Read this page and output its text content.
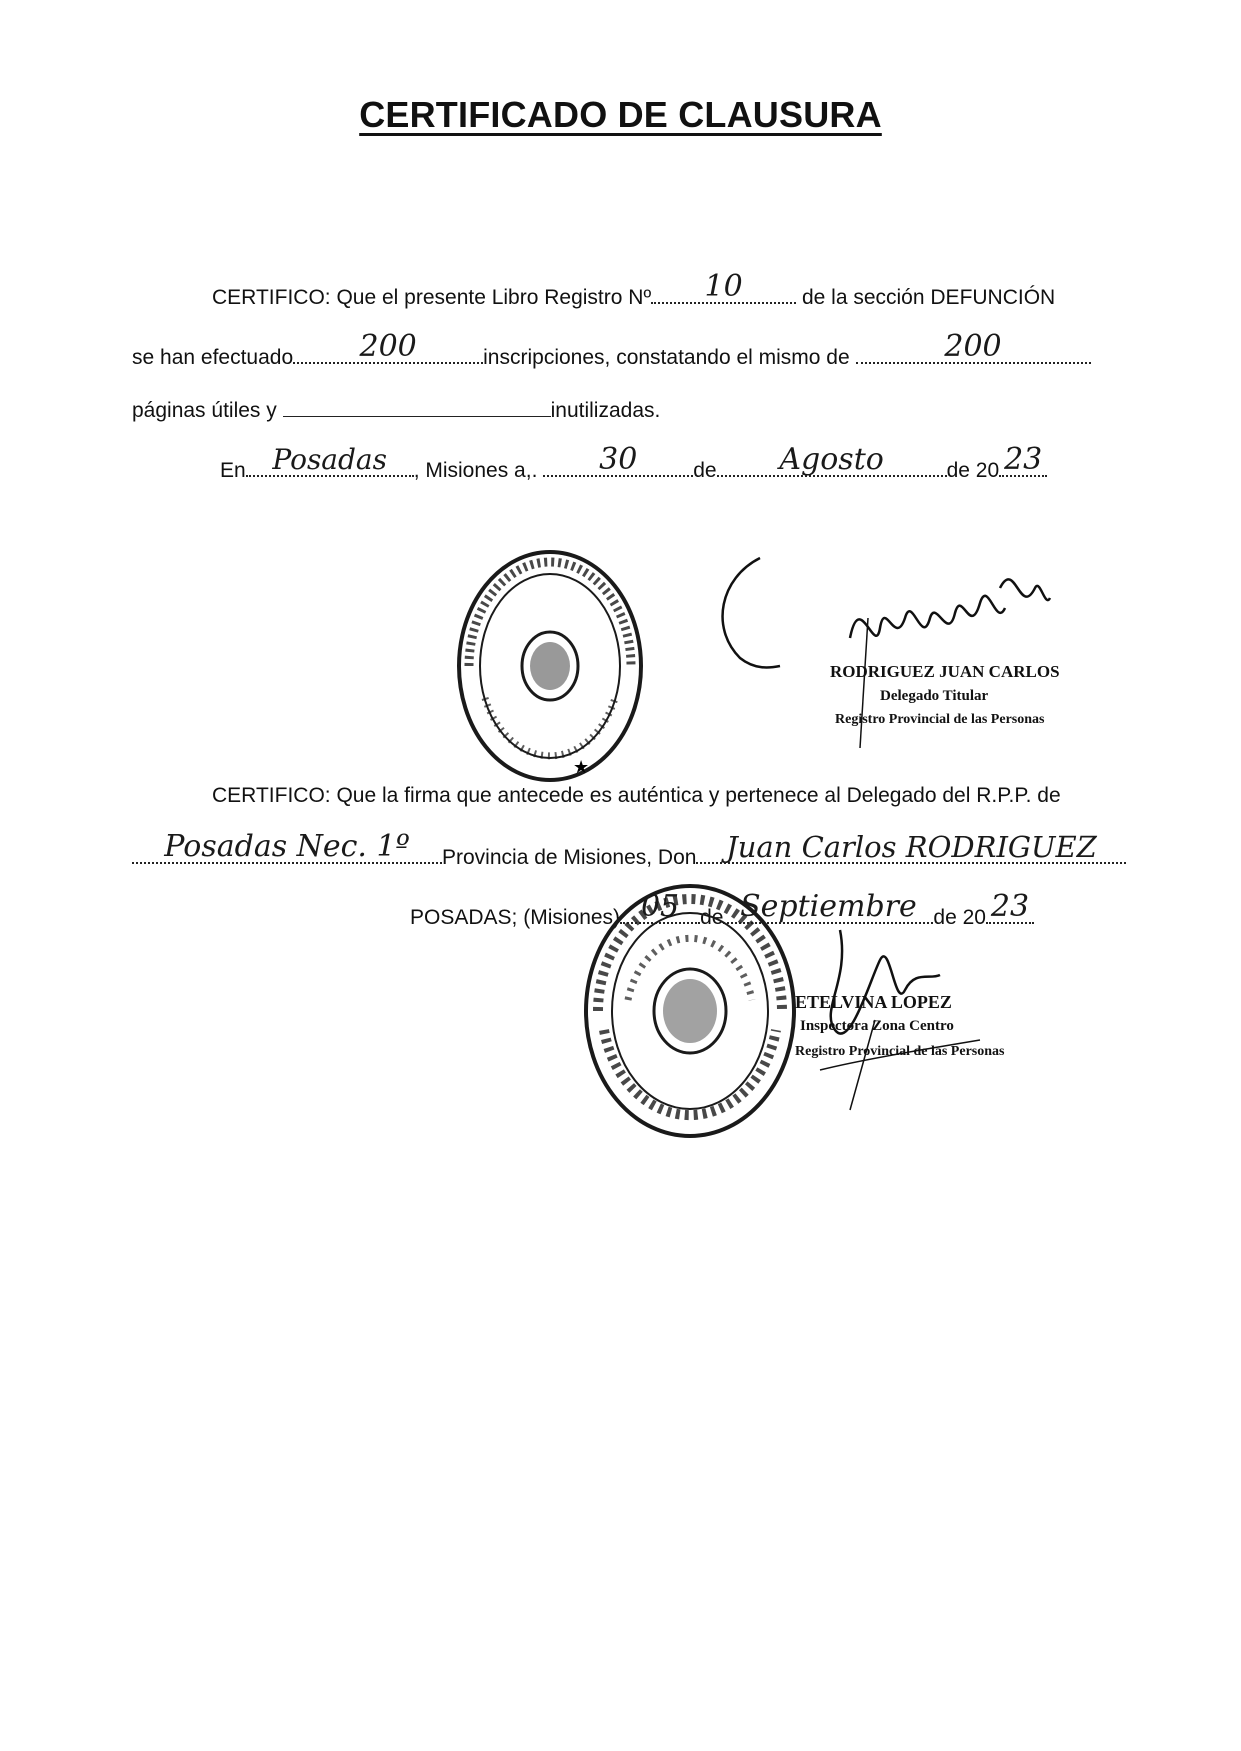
CERTIFICADO DE CLAUSURA
CERTIFICO: Que el presente Libro Registro Nº	10	de la sección DEFUNCIÓN
se han efectuado	200	inscripciones, constatando el mismo de	200
páginas útiles y	inutilizadas.
En Posadas	, Misiones a,.	30	de	Agosto	de 20 23
★
RODRIGUEZ JUAN CARLOS
Delegado Titular
Registro Provincial de las Personas
CERTIFICO: Que la firma que antecede es auténtica y pertenece al Delegado del R.P.P. de
Posadas Nec. 1º	Provincia de Misiones, Don	Juan Carlos RODRIGUEZ
POSADAS; (Misiones) 05 de Septiembre de 20 23
ETELVINA LOPEZ
Inspectora Zona Centro
Registro Provincial de las Personas
